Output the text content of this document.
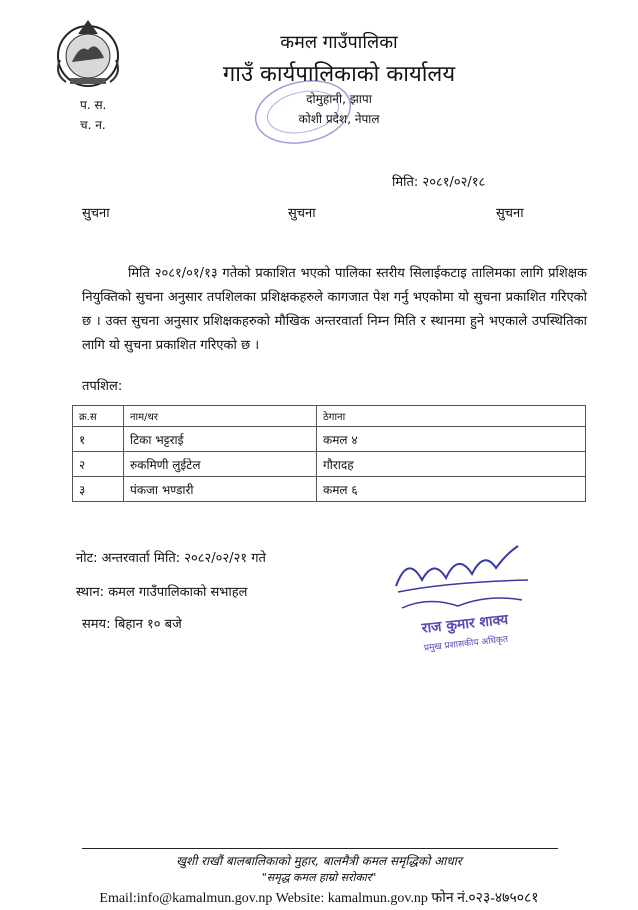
कमल गाउँपालिका
गाउँ कार्यपालिकाको कार्यालय
दोमुहानी, झापा
कोशी प्रदेश, नेपाल
प. स.
च. न.
मिति: २०८१/०२/१८
सुचना	सुचना	सुचना
मिति २०८१/०१/१३ गतेको प्रकाशित भएको पालिका स्तरीय सिलाईकटाइ तालिमका लागि प्रशिक्षक नियुक्तिको सुचना अनुसार तपशिलका प्रशिक्षकहरुले कागजात पेश गर्नु भएकोमा यो सुचना प्रकाशित गरिएको छ । उक्त सुचना अनुसार प्रशिक्षकहरुको मौखिक अन्तरवार्ता निम्न मिति र स्थानमा हुने भएकाले उपस्थितिका लागि यो सुचना प्रकाशित गरिएको छ ।
तपशिल:
क्र.स	नाम/थर	ठेगाना
१	टिका भट्टराई	कमल ४
२	रुकमिणी लुईटेल	गौरादह
३	पंकजा भण्डारी	कमल ६
नोट: अन्तरवार्ता मिति: २०८२/०२/२१ गते
स्थान: कमल गाउँपालिकाको सभाहल
समय: बिहान १० बजे	राज कुमार शाक्य
प्रमुख प्रशासकीय अधिकृत
खुशी राखौं बालबालिकाको मुहार, बालमैत्री कमल समृद्धिको आधार
"समृद्ध कमल हाम्रो सरोकार"
Email:info@kamalmun.gov.np Website: kamalmun.gov.np फोन नं.०२३-४७५०८१
